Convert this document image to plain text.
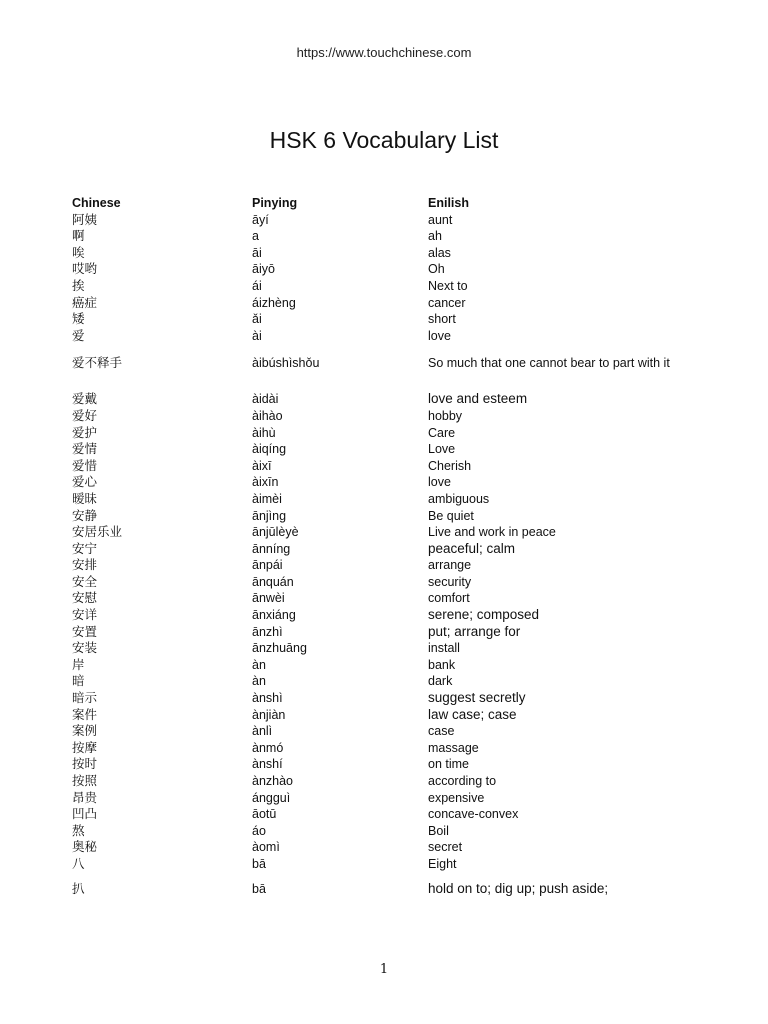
https://www.touchchinese.com
HSK 6 Vocabulary List
Chinese	Pinying	Enilish
阿姨	āyí	aunt
啊	a	ah
唉	āi	alas
哎哟	āiyō	Oh
挨	ái	Next to
癌症	áizhèng	cancer
矮	ǎi	short
爱	ài	love
爱不释手	àibúshìshǒu	So much that one cannot bear to part with it
爱戴	àidài	love and esteem
爱好	àihào	hobby
爱护	àihù	Care
爱情	àiqíng	Love
爱惜	àixī	Cherish
爱心	àixīn	love
暧昧	àimèi	ambiguous
安静	ānjìng	Be quiet
安居乐业	ānjūlèyè	Live and work in peace
安宁	ānníng	peaceful; calm
安排	ānpái	arrange
安全	ānquán	security
安慰	ānwèi	comfort
安详	ānxiáng	serene; composed
安置	ānzhì	put; arrange for
安装	ānzhuāng	install
岸	àn	bank
暗	àn	dark
暗示	ànshì	suggest secretly
案件	ànjiàn	law case; case
案例	ànlì	case
按摩	ànmó	massage
按时	ànshí	on time
按照	ànzhào	according to
昂贵	ángguì	expensive
凹凸	āotū	concave-convex
熬	áo	Boil
奥秘	àomì	secret
八	bā	Eight
扒	bā	hold on to; dig up; push aside;
1
